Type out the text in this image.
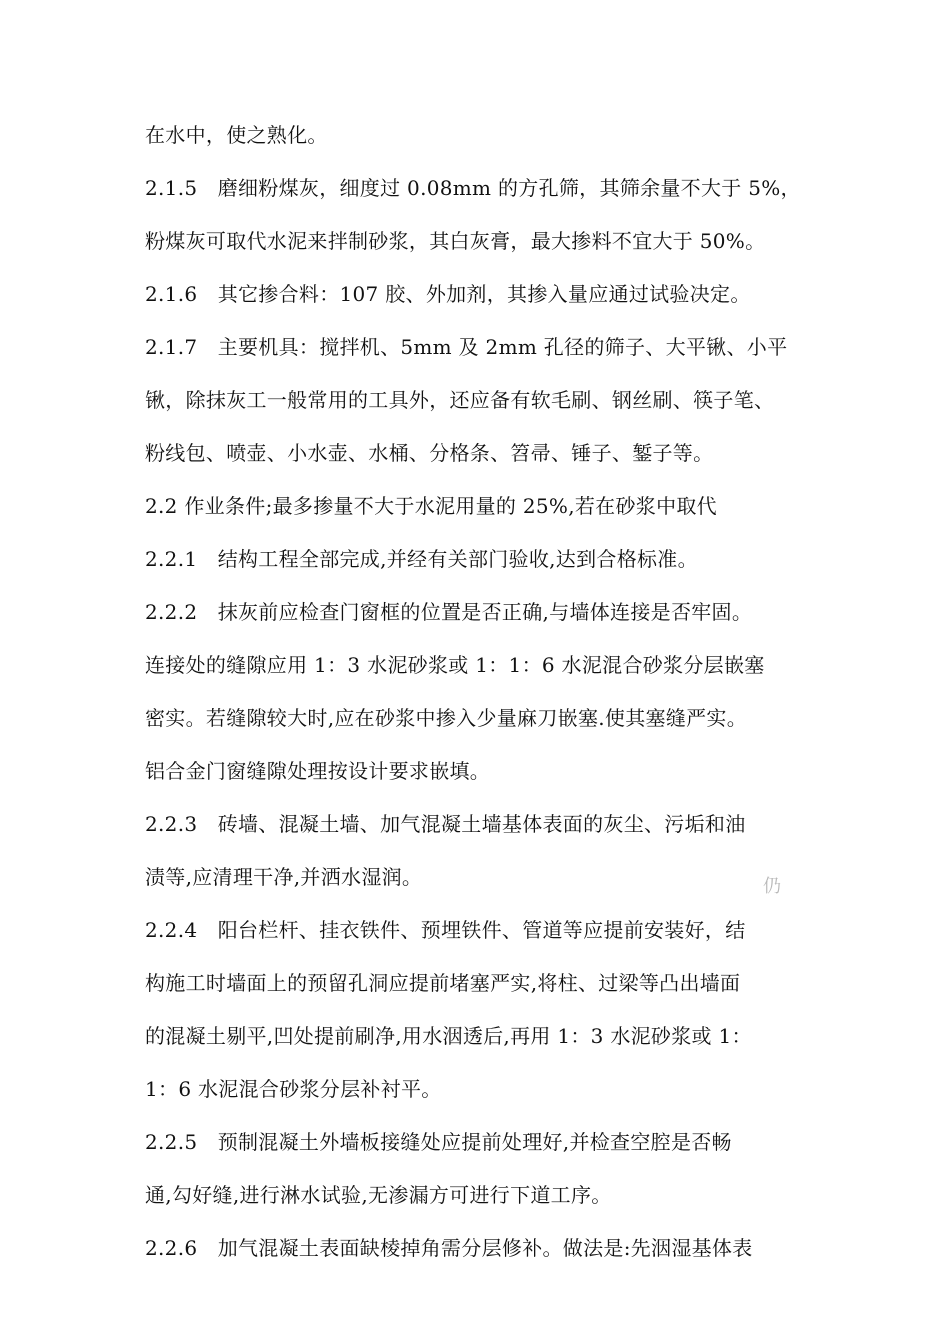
在水中，使之熟化。
2.1.5　磨细粉煤灰，细度过 0.08mm 的方孔筛，其筛余量不大于 5%，
粉煤灰可取代水泥来拌制砂浆，其白灰膏，最大掺料不宜大于 50%。
2.1.6　其它掺合料：107 胶、外加剂，其掺入量应通过试验决定。
2.1.7　主要机具：搅拌机、5mm 及 2mm 孔径的筛子、大平锹、小平
锹，除抹灰工一般常用的工具外，还应备有软毛刷、钢丝刷、筷子笔、
粉线包、喷壶、小水壶、水桶、分格条、笤帚、锤子、錾子等。
2.2 作业条件;最多掺量不大于水泥用量的 25%,若在砂浆中取代
2.2.1　结构工程全部完成,并经有关部门验收,达到合格标准。
2.2.2　抹灰前应检查门窗框的位置是否正确,与墙体连接是否牢固。
连接处的缝隙应用 1：3 水泥砂浆或 1：1：6 水泥混合砂浆分层嵌塞
密实。若缝隙较大时,应在砂浆中掺入少量麻刀嵌塞.使其塞缝严实。
铝合金门窗缝隙处理按设计要求嵌填。
2.2.3　砖墙、混凝土墙、加气混凝土墙基体表面的灰尘、污垢和油
渍等,应清理干净,并洒水湿润。
2.2.4　阳台栏杆、挂衣铁件、预埋铁件、管道等应提前安装好，结
构施工时墙面上的预留孔洞应提前堵塞严实,将柱、过梁等凸出墙面
的混凝土剔平,凹处提前刷净,用水洇透后,再用 1：3 水泥砂浆或 1：
1：6 水泥混合砂浆分层补衬平。
2.2.5　预制混凝土外墙板接缝处应提前处理好,并检查空腔是否畅
通,勾好缝,进行淋水试验,无渗漏方可进行下道工序。
2.2.6　加气混凝土表面缺棱掉角需分层修补。做法是:先洇湿基体表
仍
